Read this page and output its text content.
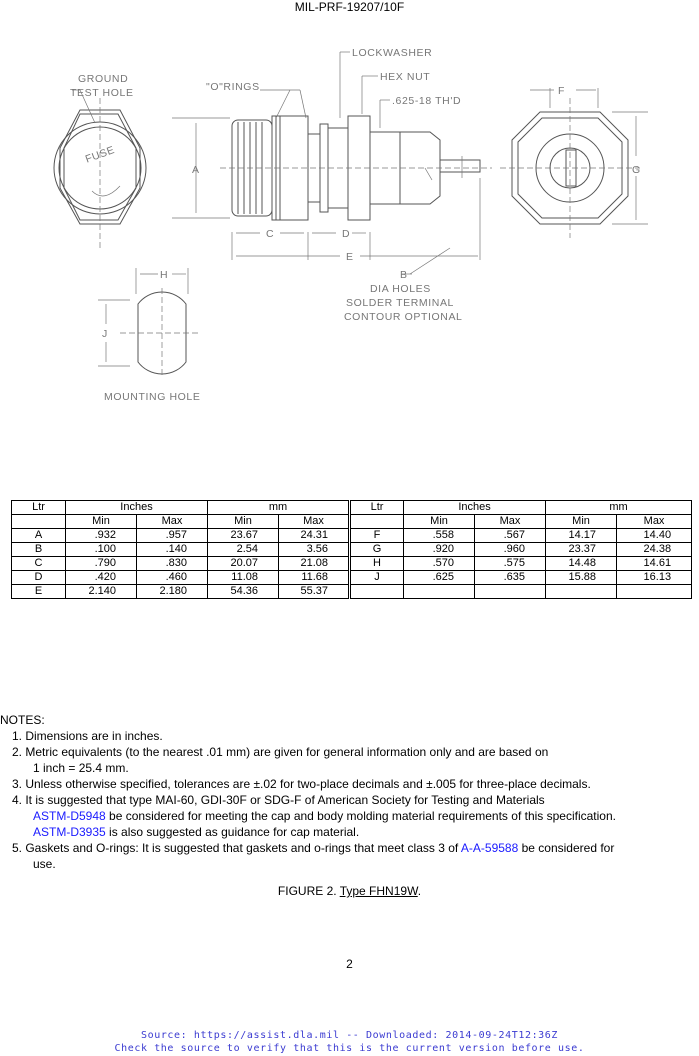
MIL-PRF-19207/10F
GROUND
TEST HOLE
FUSE
"O"RINGS
LOCKWASHER
HEX NUT
.625-18 TH'D
A
C	D
E
B
DIA HOLES
SOLDER TERMINAL
CONTOUR OPTIONAL
F
G
H
J
MOUNTING HOLE
Ltr	Inches		mm		Ltr	Inches		mm	
	Min	Max	Min	Max		Min	Max	Min	Max
A	.932	.957	23.67	24.31	F	.558	.567	14.17	14.40
B	.100	.140	2.54	3.56	G	.920	.960	23.37	24.38
C	.790	.830	20.07	21.08	H	.570	.575	14.48	14.61
D	.420	.460	11.08	11.68	J	.625	.635	15.88	16.13
E	2.140	2.180	54.36	55.37					
NOTES:
1. Dimensions are in inches.
2. Metric equivalents (to the nearest .01 mm) are given for general information only and are based on
1 inch = 25.4 mm.
3. Unless otherwise specified, tolerances are ±.02 for two-place decimals and ±.005 for three-place decimals.
4. It is suggested that type MAI-60, GDI-30F or SDG-F of American Society for Testing and Materials
ASTM-D5948 be considered for meeting the cap and body molding material requirements of this specification.
ASTM-D3935 is also suggested as guidance for cap material.
5. Gaskets and O-rings: It is suggested that gaskets and o-rings that meet class 3 of A-A-59588 be considered for
use.
FIGURE 2. Type FHN19W.
2
Source: https://assist.dla.mil -- Downloaded: 2014-09-24T12:36Z
Check the source to verify that this is the current version before use.
